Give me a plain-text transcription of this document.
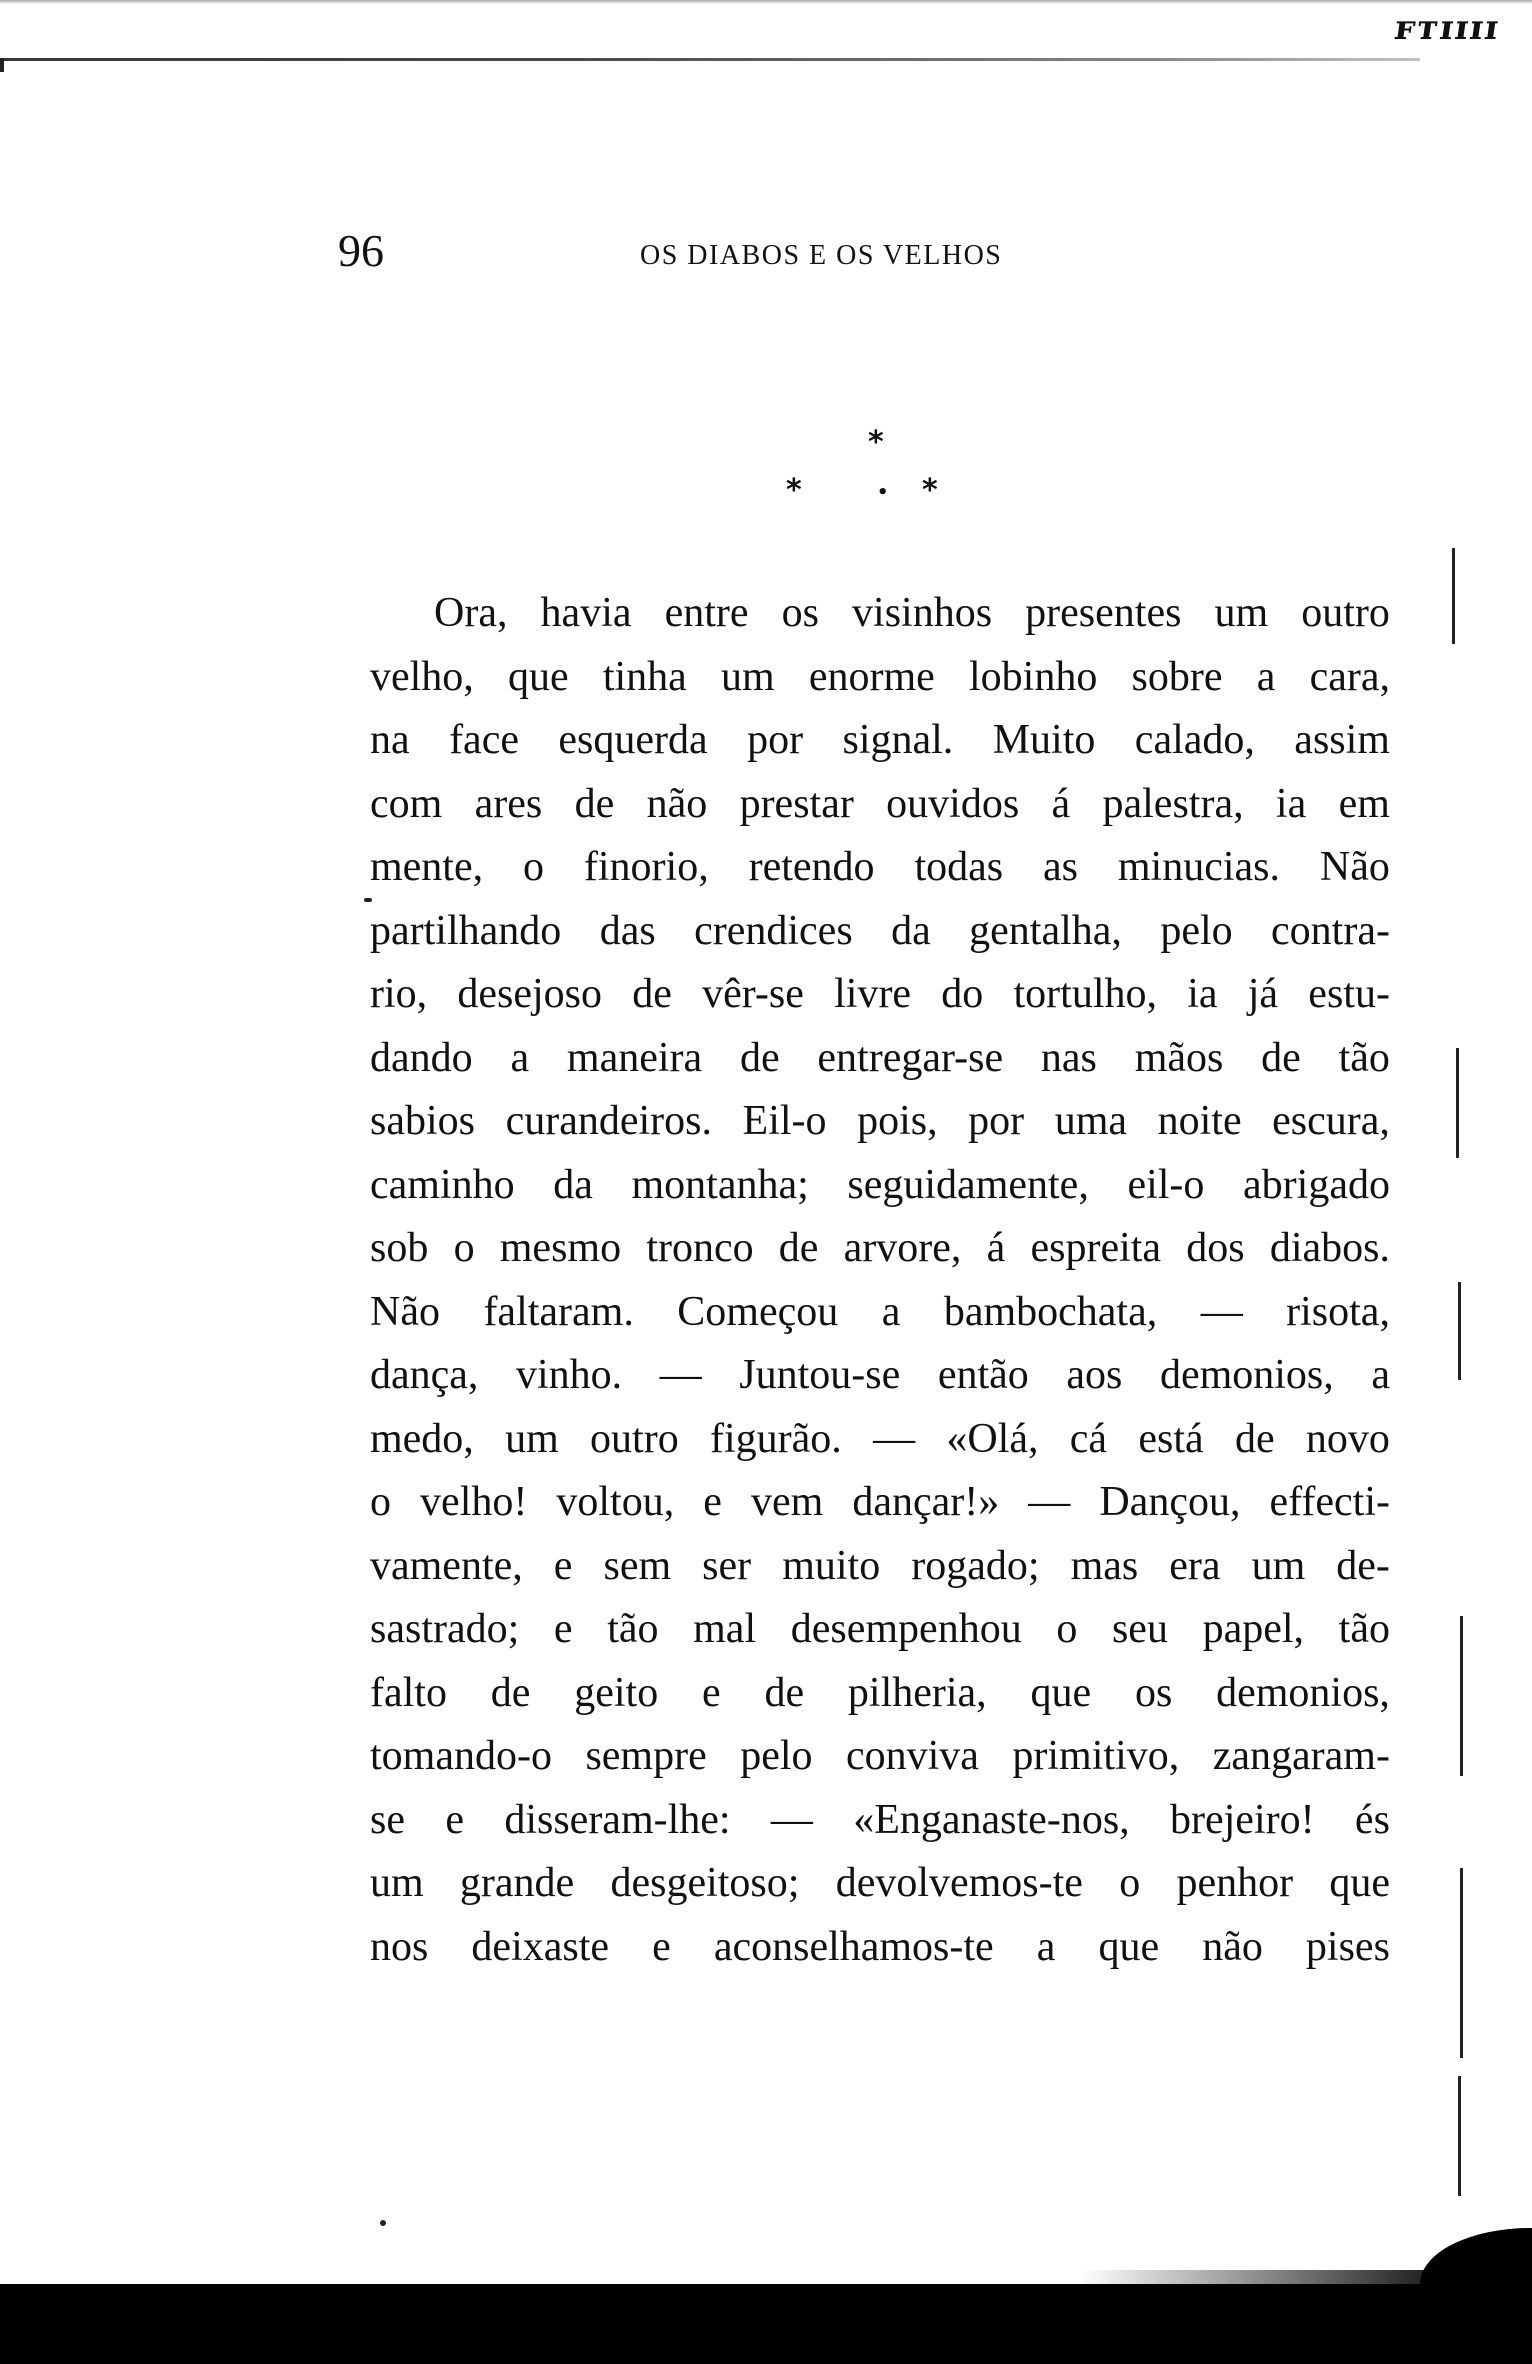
ꜰᴛɪɪɪɪ
96	OS DIABOS E OS VELHOS
*
*	• *
Ora, havia entre os visinhos presentes um outro
velho, que tinha um enorme lobinho sobre a cara,
na face esquerda por signal. Muito calado, assim
com ares de não prestar ouvidos á palestra, ia em
mente, o finorio, retendo todas as minucias. Não
partilhando das crendices da gentalha, pelo contra-
rio, desejoso de vêr-se livre do tortulho, ia já estu-
dando a maneira de entregar-se nas mãos de tão
sabios curandeiros. Eil-o pois, por uma noite escura,
caminho da montanha; seguidamente, eil-o abrigado
sob o mesmo tronco de arvore, á espreita dos diabos.
Não faltaram. Começou a bambochata, — risota,
dança, vinho. — Juntou-se então aos demonios, a
medo, um outro figurão. — «Olá, cá está de novo
o velho! voltou, e vem dançar!» — Dançou, effecti-
vamente, e sem ser muito rogado; mas era um de-
sastrado; e tão mal desempenhou o seu papel, tão
falto de geito e de pilheria, que os demonios,
tomando-o sempre pelo conviva primitivo, zangaram-
se e disseram-lhe: — «Enganaste-nos, brejeiro! és
um grande desgeitoso; devolvemos-te o penhor que
nos deixaste e aconselhamos-te a que não pises
